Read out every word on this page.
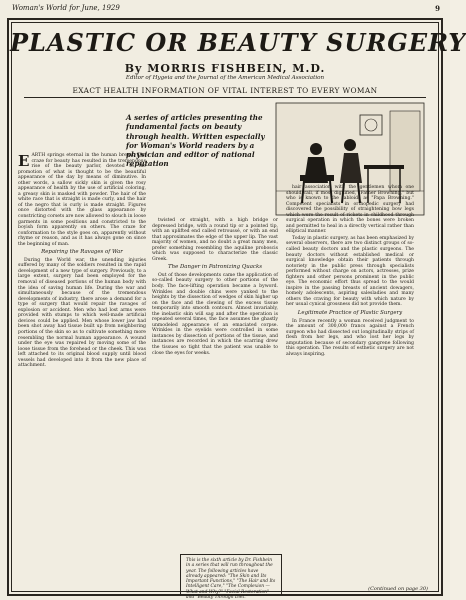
Woman's World for June, 1929	9
PLASTIC OR BEAUTY SURGERY
By MORRIS FISHBEIN, M.D.
Editor of Hygeia and the Journal of the American Medical Association
EXACT HEALTH INFORMATION OF VITAL INTEREST TO EVERY WOMAN
A series of articles presenting the fundamental facts on beauty through health. Written especially for Woman's World readers by a physician and editor of national reputation

EARTH springs eternal in the human breast. The craze for beauty has resulted in the tremendous rise of the beauty parlor, devoted to the promotion of what is thought to be the beautiful appearance of the day by means of diminutive. In other words, a sallow sickly skin is given the rosy appearance of health by the use of artificial coloring, a greasy skin is masked with powder. The hair of the white race that is straight is made curly, and the hair of the negro that is curly is made straight. Figures once distorted with the glass appearance by constricting corsets are now allowed to slouch in loose garments in some positions and constricted to the boyish form apparently on others. The craze for conformation to the style goes on, apparently without rhyme or reason, and as it has always gone on since the beginning of man.

Repairing the Ravages of War

During the World war, the unending injuries suffered by many of the soldiers resulted in the rapid development of a new type of surgery. Previously, to a large extent, surgery had been employed for the removal of diseased portions of the human body with the idea of saving human life. During the war and simultaneously because of the tremendous developments of industry, there arose a demand for a type of surgery that would repair the ravages of explosion or accident. Men who had lost arms were provided with stumps to which well-made artificial devices could be applied. Men whose lower jaw had been shot away had tissue built up from neighboring portions of the skin so as to cultivate something more resembling the normal human appearance. A wound under the eye was repaired by moving some of the loose tissue from the forehead or the cheek. This was left attached to its original blood supply until blood vessels had developed into it from the new place of attachment.

twisted or straight, with a high bridge or depressed bridge, with a round tip or a pointed tip, with an uplifted end called retroussé, or with an end that approximates the edge of the upper lip. The vast majority of women, and no doubt a great many men, prefer something resembling the aquiline proboscis which was supposed to characterize the classic Greek.

The Danger in Patronizing Quacks

Out of those developments came the application of so-called beauty surgery to other portions of the body. The face-lifting operation became a byword. Wrinkles and double chins were yanked to the heights by the dissection of wedges of skin higher up on the face and the clewing of the excess tissue temporarily into smooth contours. Almost invariably, the inelastic skin will sag and after the operation is repeated several times, the face assumes the ghastly unmodeled appearance of an emaciated corpse. Wrinkles in the eyelids were controlled in some instances by dissection of portions of the tissue, and instances are recorded in which the scarring drew the tissues so tight that the patient was unable to close the eyes for weeks.

hair association with the gentlemen whom one should call, if most dignified, "Father Browning," but who is known to the tabloids as "Papa Browning." Competent specialists in orthopedic surgery had discovered the possibility of straightening bow legs which were the result of rickets in childhood through surgical operation in which the bones were broken and permitted to heal in a directly vertical rather than elliptical manner.

Today in plastic surgery, as has been emphasized by several observers, there are two distinct groups of so-called beauty doctors and the plastic surgeons. The beauty doctors without established medical or surgical knowledge obtain their patients through notoriety in the public press through specialists performed without charge on actors, actresses, prize fighters and other persons prominent in the public eye. The economic effort thus spread to the would inspire in the passing breasts of ancient dowagers, homely adolescents, aspiring salesladies and many others the craving for beauty with which nature by her usual cynical grossness did not provide them.

Legitimate Practice of Plastic Surgery

In France recently a woman received judgment to the amount of 300,000 francs against a French surgeon who had dissected out longitudinally strips of flesh from her legs, and who lost her legs by amputation because of secondary gangrene following this operation. The results of esthetic surgery are not always inspiring.

This is the sixth article by Dr. Fishbein in a series that will run throughout the year. The following articles have already appeared: "The Skin and Its Important Functions," "The Hair and Its Intelligent Care," "The Complexion — What and Why?" "Facial Restoration" and "Beauty Through Diet."
(Continued on page 30)
